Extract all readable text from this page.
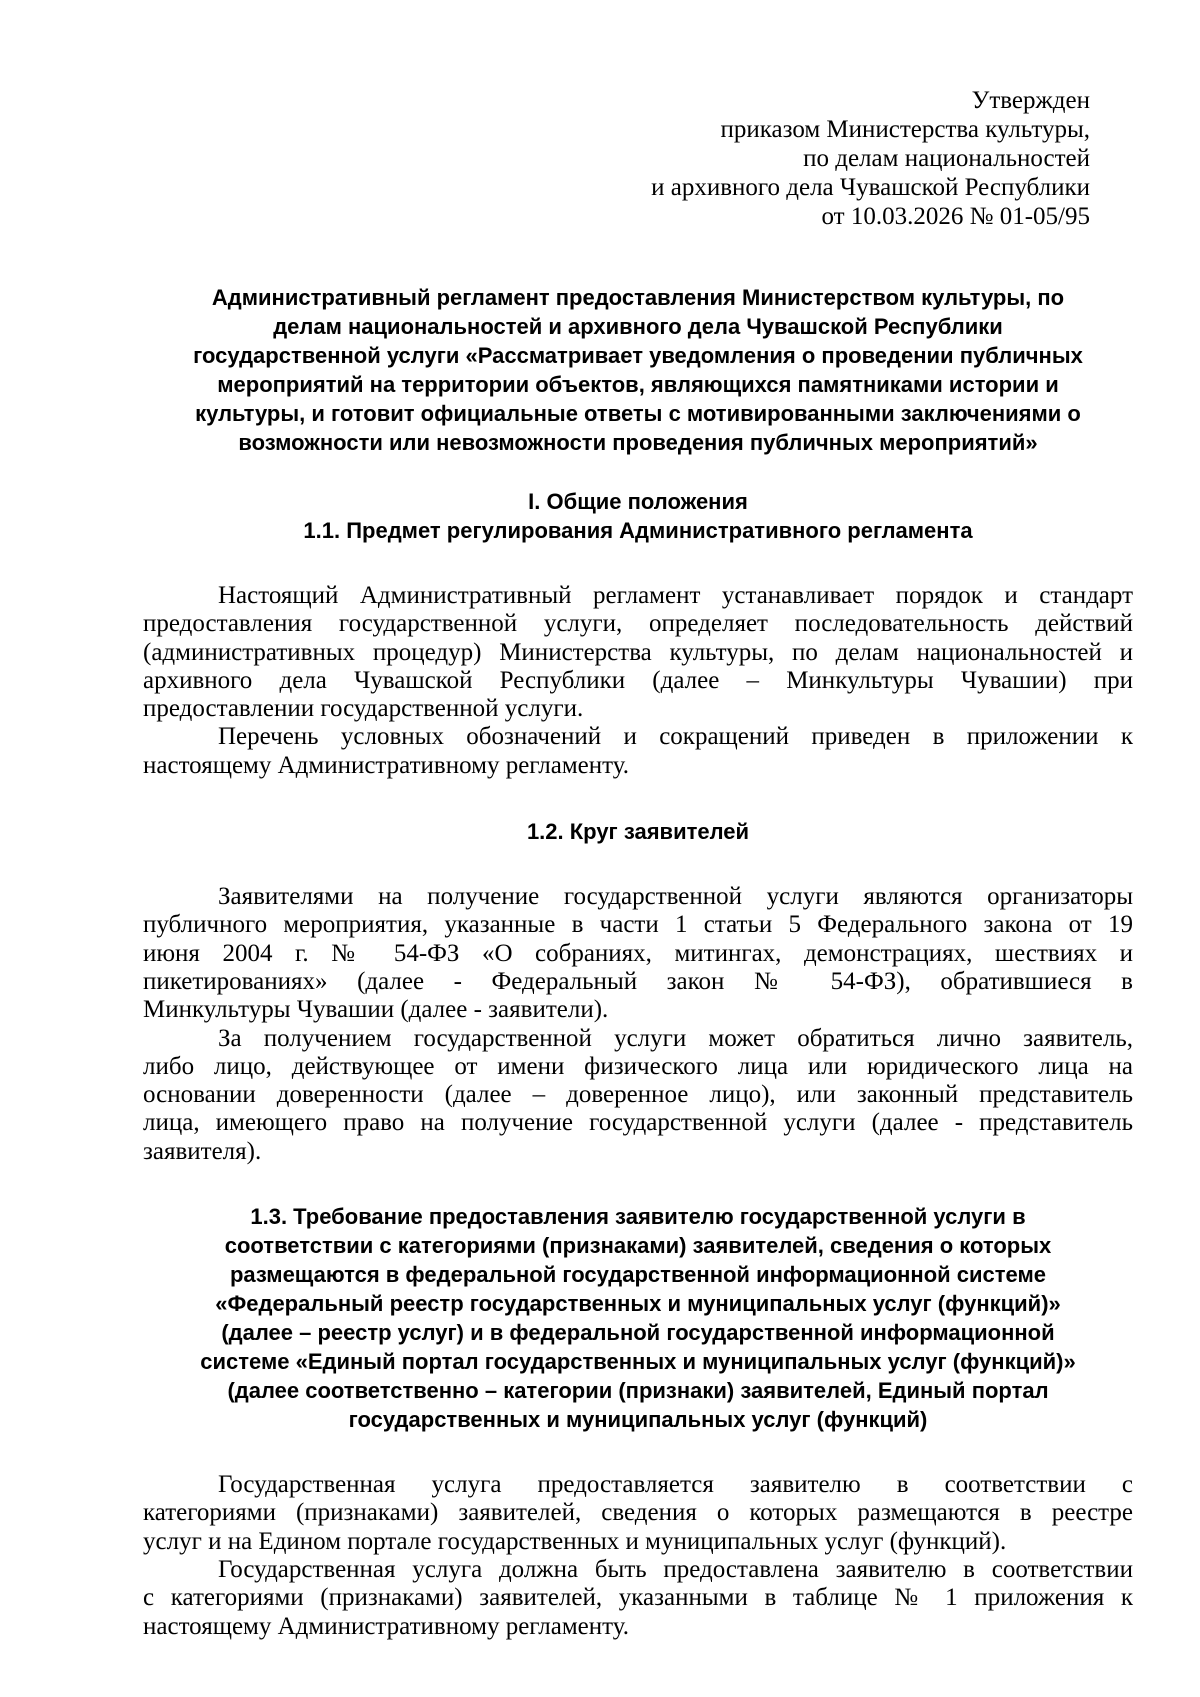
Утвержден
приказом Министерства культуры,
по делам национальностей
и архивного дела Чувашской Республики
от 10.03.2026 № 01-05/95
Административный регламент предоставления Министерством культуры, по
делам национальностей и архивного дела Чувашской Республики
государственной услуги «Рассматривает уведомления о проведении публичных
мероприятий на территории объектов, являющихся памятниками истории и
культуры, и готовит официальные ответы с мотивированными заключениями о
возможности или невозможности проведения публичных мероприятий»
I. Общие положения
1.1. Предмет регулирования Административного регламента
Настоящий Административный регламент устанавливает порядок и стандарт
предоставления государственной услуги, определяет последовательность действий
(административных процедур) Министерства культуры, по делам национальностей и
архивного дела Чувашской Республики (далее – Минкультуры Чувашии) при
предоставлении государственной услуги.
Перечень условных обозначений и сокращений приведен в приложении к
настоящему Административному регламенту.
1.2. Круг заявителей
Заявителями на получение государственной услуги являются организаторы
публичного мероприятия, указанные в части 1 статьи 5 Федерального закона от 19
июня 2004 г. № 54-ФЗ «О собраниях, митингах, демонстрациях, шествиях и
пикетированиях» (далее - Федеральный закон № 54-ФЗ), обратившиеся в
Минкультуры Чувашии (далее - заявители).
За получением государственной услуги может обратиться лично заявитель,
либо лицо, действующее от имени физического лица или юридического лица на
основании доверенности (далее – доверенное лицо), или законный представитель
лица, имеющего право на получение государственной услуги (далее - представитель
заявителя).
1.3. Требование предоставления заявителю государственной услуги в
соответствии с категориями (признаками) заявителей, сведения о которых
размещаются в федеральной государственной информационной системе
«Федеральный реестр государственных и муниципальных услуг (функций)»
(далее – реестр услуг) и в федеральной государственной информационной
системе «Единый портал государственных и муниципальных услуг (функций)»
(далее соответственно – категории (признаки) заявителей, Единый портал
государственных и муниципальных услуг (функций)
Государственная услуга предоставляется заявителю в соответствии с
категориями (признаками) заявителей, сведения о которых размещаются в реестре
услуг и на Едином портале государственных и муниципальных услуг (функций).
Государственная услуга должна быть предоставлена заявителю в соответствии
с категориями (признаками) заявителей, указанными в таблице № 1 приложения к
настоящему Административному регламенту.
